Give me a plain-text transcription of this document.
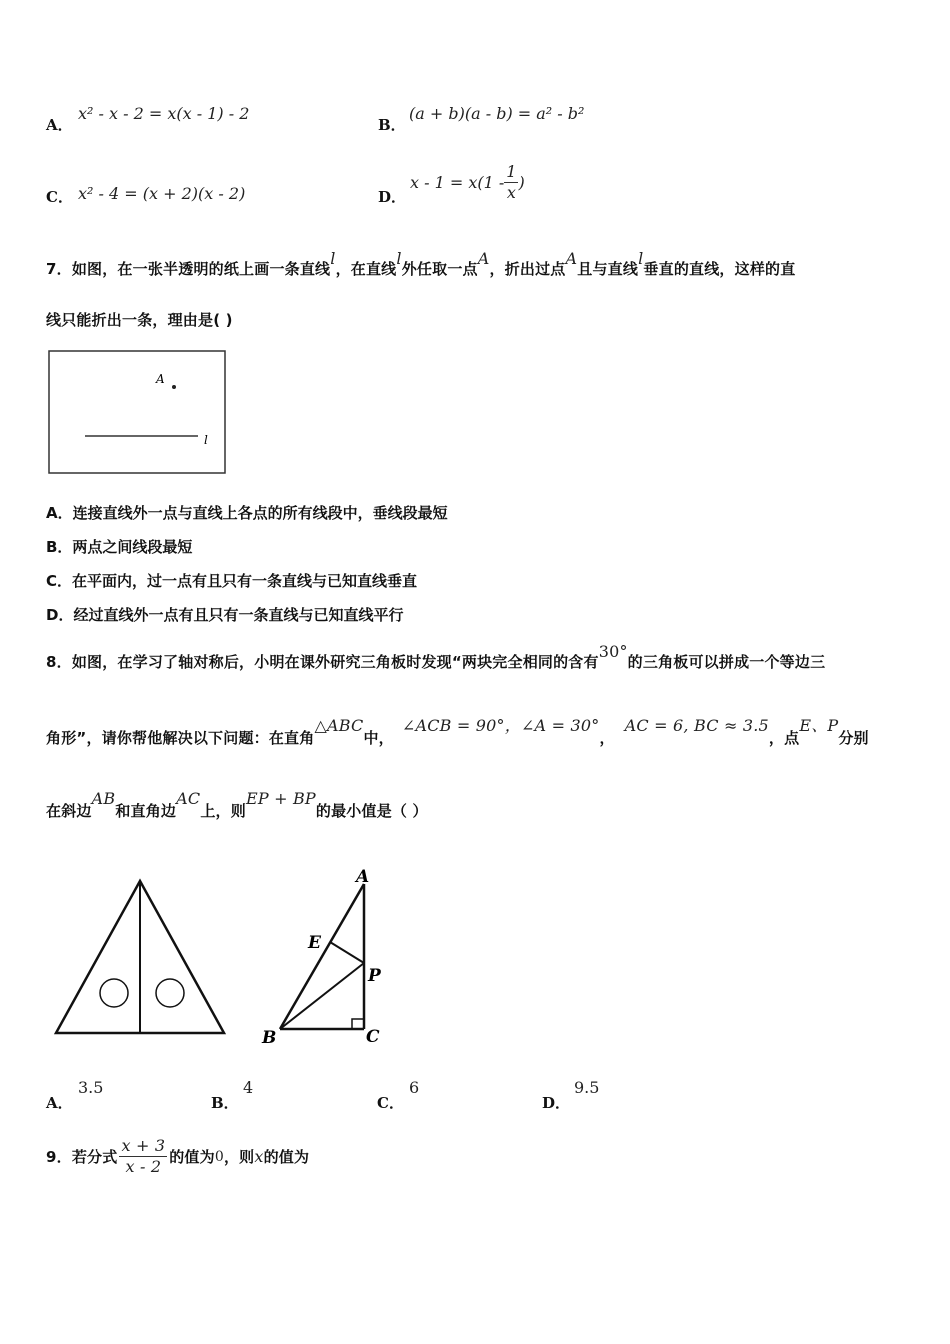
A．
x² - x - 2 = x(x - 1) - 2
B．
(a + b)(a - b) = a² - b²
C． x² - 4 = (x + 2)(x - 2)	D．
$x - 1 = x(1 - \frac{1}{x}$ )
7．如图，在一张半透明的纸上画一条直线l，在直线l外任取一点A，折出过点A且与直线l垂直的直线，这样的直
线只能折出一条，理由是( )
A
l
A．连接直线外一点与直线上各点的所有线段中，垂线段最短
B．两点之间线段最短
C．在平面内，过一点有且只有一条直线与已知直线垂直
D．经过直线外一点有且只有一条直线与已知直线平行
8．如图，在学习了轴对称后，小明在课外研究三角板时发现“两块完全相同的含有30°的三角板可以拼成一个等边三
角形”，请你帮他解决以下问题：在直角△ABC中，∠ACB = 90°，∠A = 30°，AC = 6, BC ≈ 3.5，点E、P分别
在斜边AB和直角边AC上，则EP + BP的最小值是（ ）
A
E
P
B	C
A．
3.5
B．
4
C．
6
D．
9.5
9．若分式 $\frac{x + 3}{x - 2}$ 的值为 0 ，则 x 的值为
